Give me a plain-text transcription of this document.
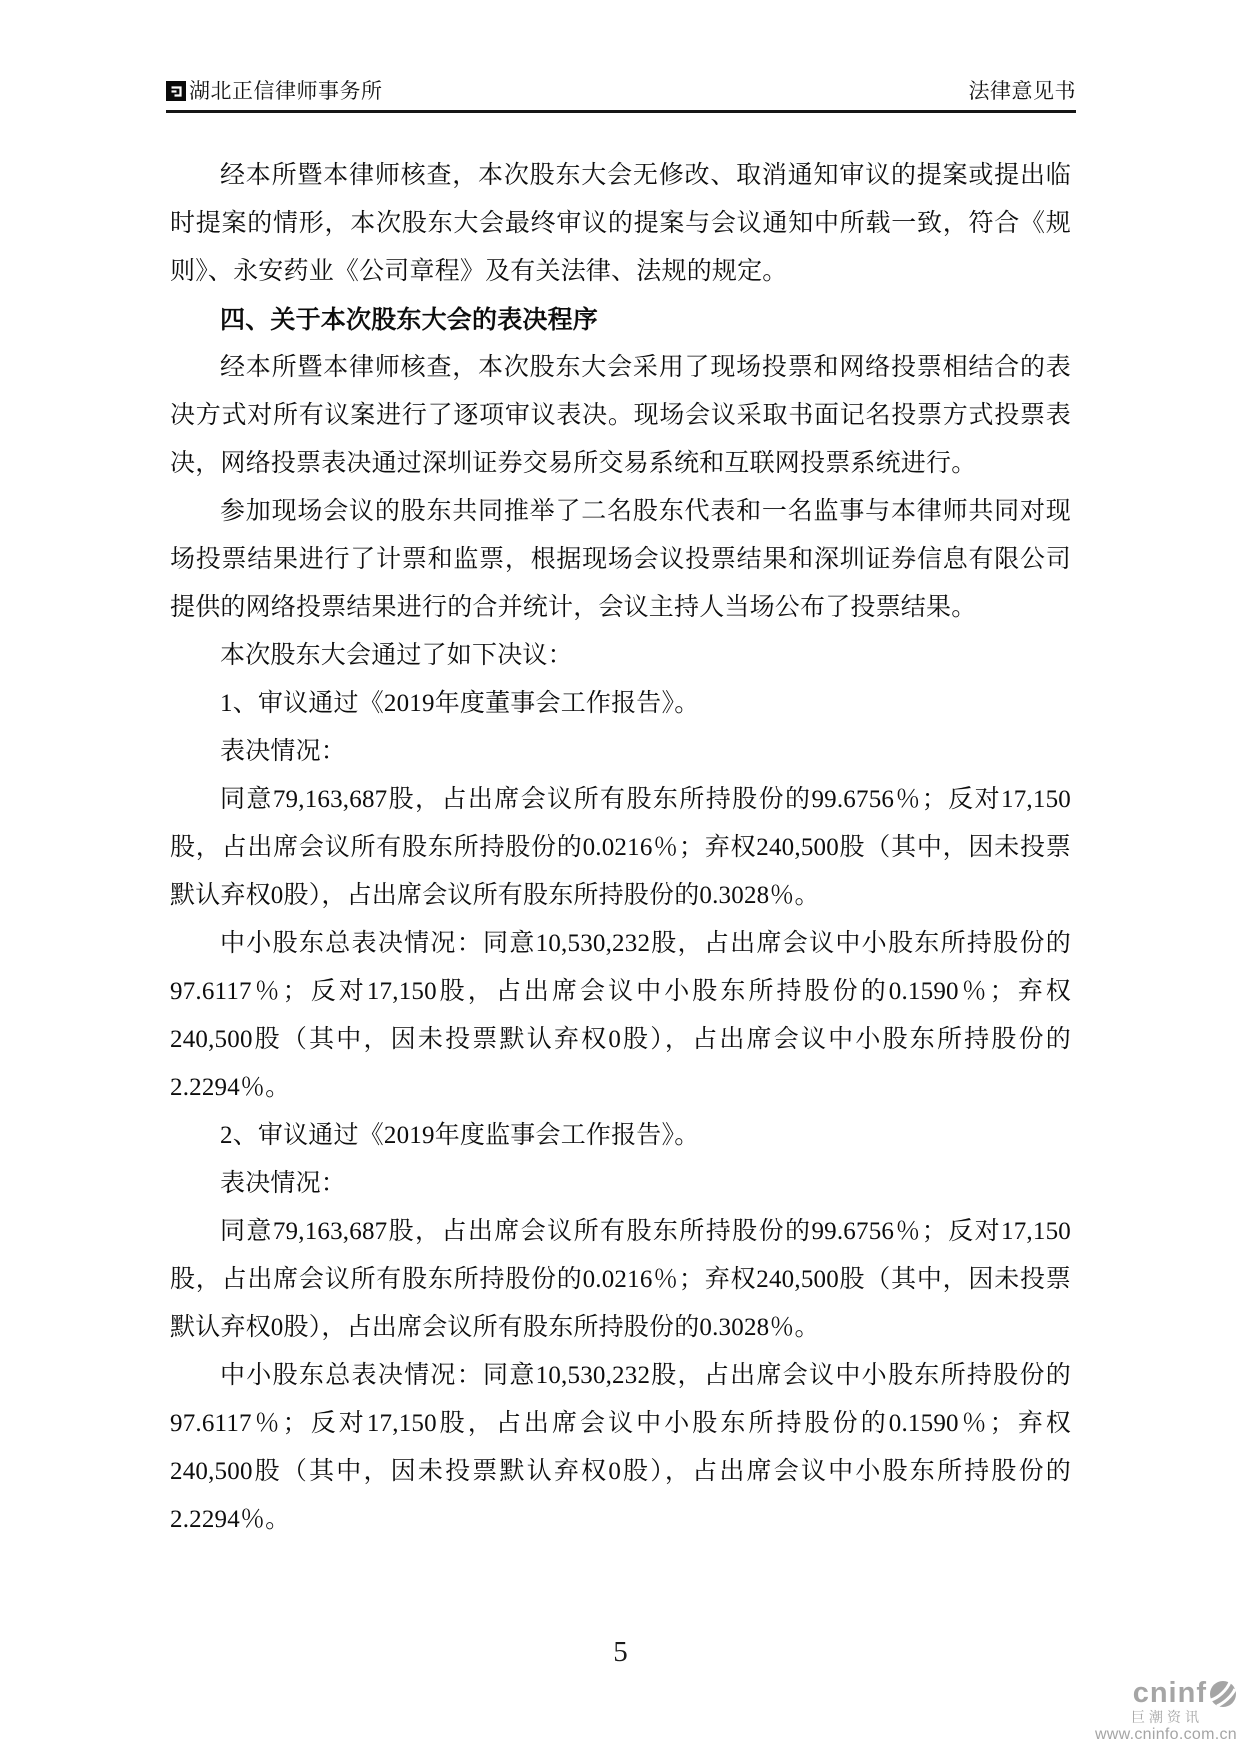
湖北正信律师事务所	法律意见书

经本所暨本律师核查，本次股东大会无修改、取消通知审议的提案或提出临时提案的情形，本次股东大会最终审议的提案与会议通知中所载一致，符合《规则》、永安药业《公司章程》及有关法律、法规的规定。

四、关于本次股东大会的表决程序

经本所暨本律师核查，本次股东大会采用了现场投票和网络投票相结合的表决方式对所有议案进行了逐项审议表决。现场会议采取书面记名投票方式投票表决，网络投票表决通过深圳证券交易所交易系统和互联网投票系统进行。

参加现场会议的股东共同推举了二名股东代表和一名监事与本律师共同对现场投票结果进行了计票和监票，根据现场会议投票结果和深圳证券信息有限公司提供的网络投票结果进行的合并统计，会议主持人当场公布了投票结果。

本次股东大会通过了如下决议：

1、审议通过《2019年度董事会工作报告》。

表决情况：

同意79,163,687股，占出席会议所有股东所持股份的99.6756％；反对17,150股，占出席会议所有股东所持股份的0.0216％；弃权240,500股（其中，因未投票默认弃权0股），占出席会议所有股东所持股份的0.3028％。

中小股东总表决情况：同意10,530,232股，占出席会议中小股东所持股份的97.6117％；反对17,150股，占出席会议中小股东所持股份的0.1590％；弃权240,500股（其中，因未投票默认弃权0股），占出席会议中小股东所持股份的2.2294％。

2、审议通过《2019年度监事会工作报告》。

表决情况：

同意79,163,687股，占出席会议所有股东所持股份的99.6756％；反对17,150股，占出席会议所有股东所持股份的0.0216％；弃权240,500股（其中，因未投票默认弃权0股），占出席会议所有股东所持股份的0.3028％。

中小股东总表决情况：同意10,530,232股，占出席会议中小股东所持股份的97.6117％；反对17,150股，占出席会议中小股东所持股份的0.1590％；弃权240,500股（其中，因未投票默认弃权0股），占出席会议中小股东所持股份的2.2294％。

5
cninf
巨潮资讯
www.cninfo.com.cn
